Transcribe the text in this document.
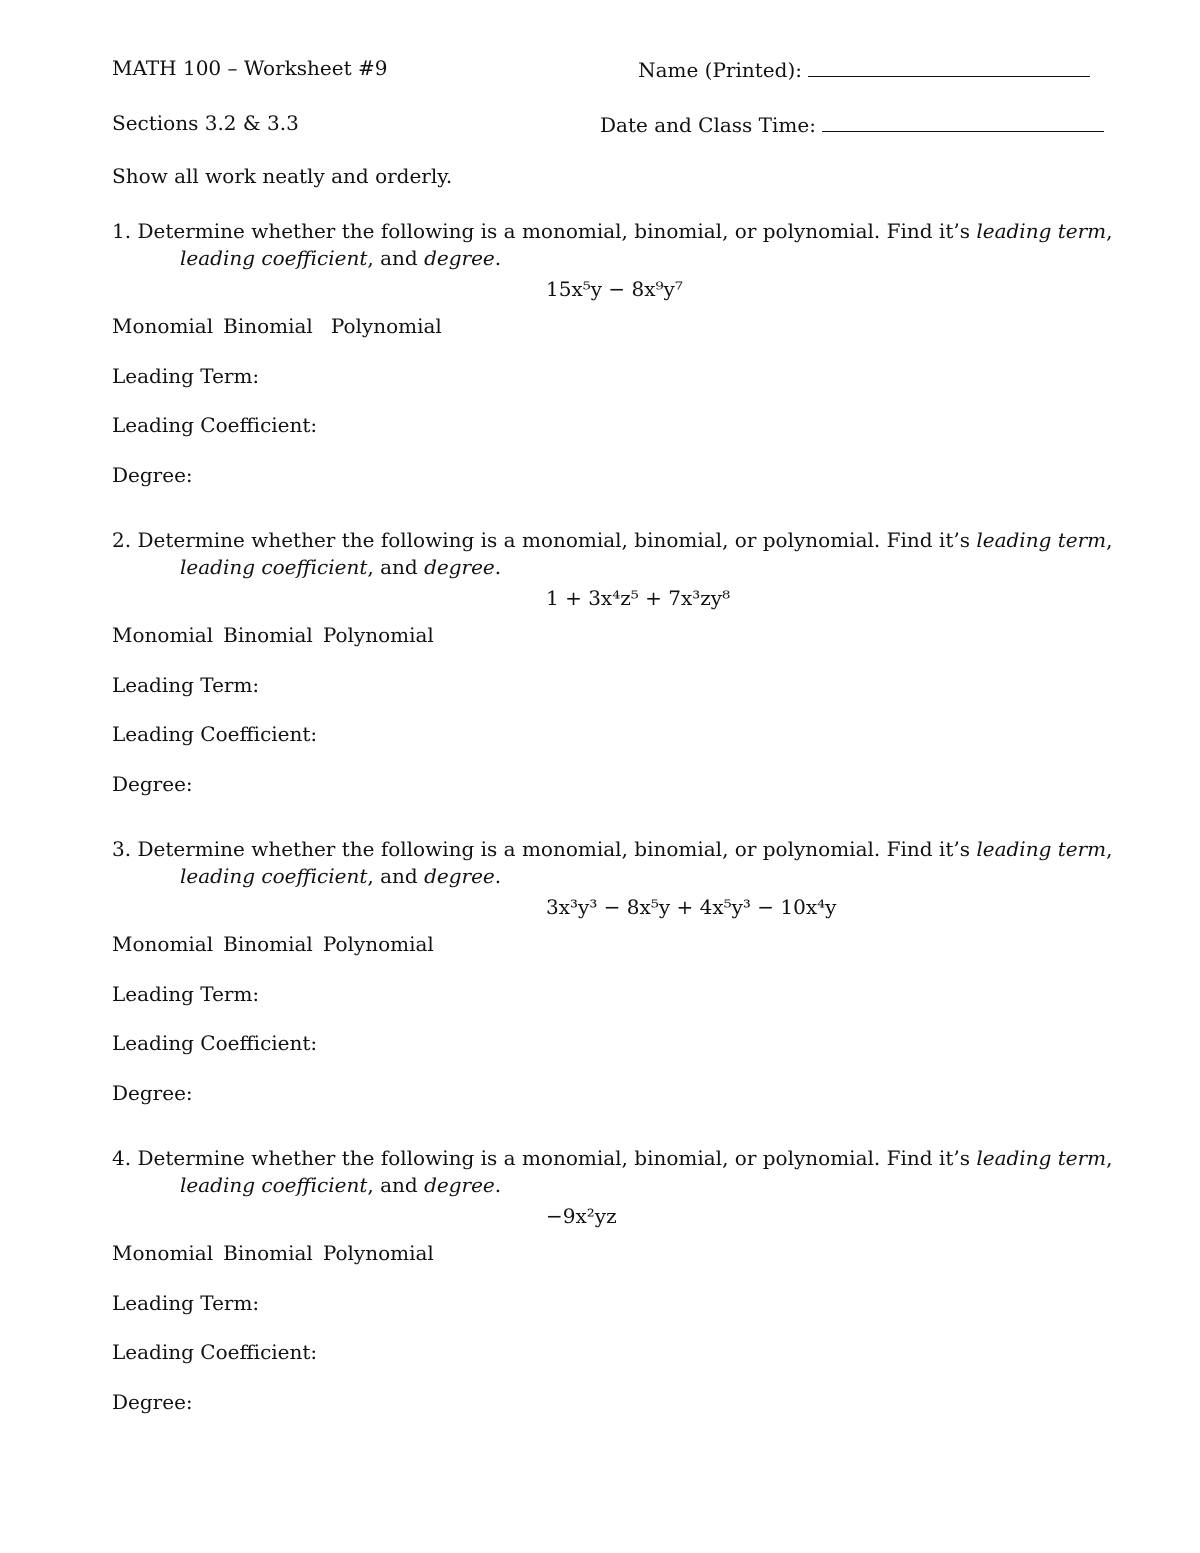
MATH 100 – Worksheet #9	Name (Printed):
Sections 3.2 & 3.3	Date and Class Time:
Show all work neatly and orderly.
1. Determine whether the following is a monomial, binomial, or polynomial. Find it’s leading term,
leading coefficient, and degree.
15x⁵y − 8x⁹y⁷
Monomial Binomial Polynomial
Leading Term:
Leading Coefficient:
Degree:
2. Determine whether the following is a monomial, binomial, or polynomial. Find it’s leading term,
leading coefficient, and degree.
1 + 3x⁴z⁵ + 7x³zy⁸
Monomial Binomial Polynomial
Leading Term:
Leading Coefficient:
Degree:
3. Determine whether the following is a monomial, binomial, or polynomial. Find it’s leading term,
leading coefficient, and degree.
3x³y³ − 8x⁵y + 4x⁵y³ − 10x⁴y
Monomial Binomial Polynomial
Leading Term:
Leading Coefficient:
Degree:
4. Determine whether the following is a monomial, binomial, or polynomial. Find it’s leading term,
leading coefficient, and degree.
−9x²yz
Monomial Binomial Polynomial
Leading Term:
Leading Coefficient:
Degree:
